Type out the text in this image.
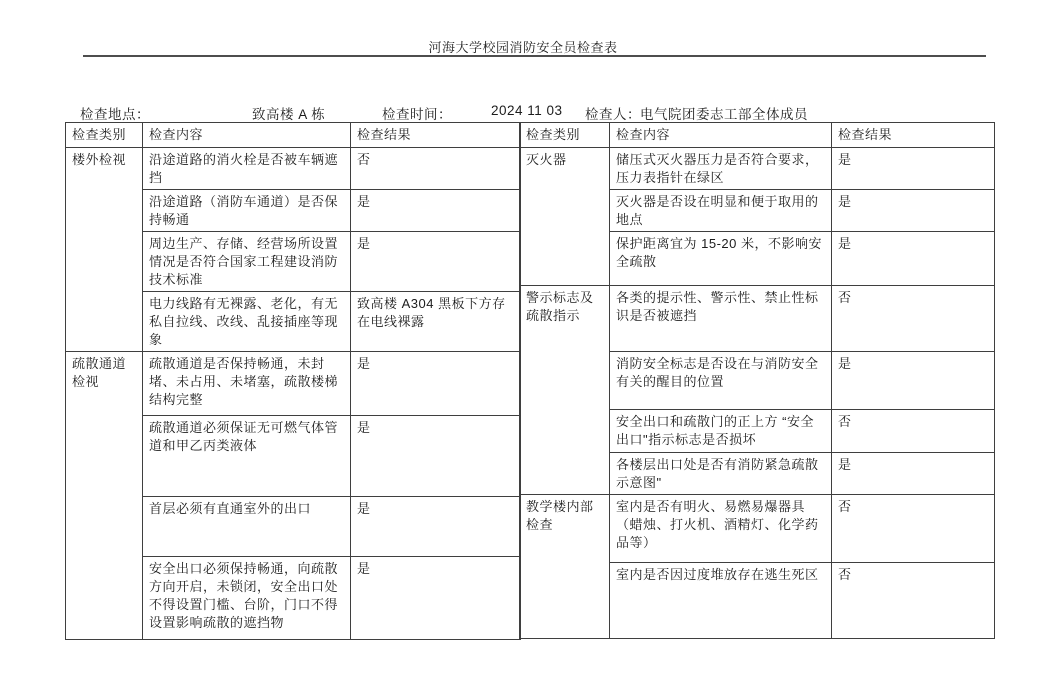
河海大学校园消防安全员检查表
检查地点：	致高楼 A 栋	检查时间：	2024 11 03 检查人： 电气院团委志工部全体成员
检查类别	检查内容	检查结果
楼外检视	沿途道路的消火栓是否被车辆遮挡	否
	沿途道路（消防车通道）是否保持畅通	是
	周边生产、存储、经营场所设置情况是否符合国家工程建设消防技术标准	是
	电力线路有无裸露、老化，有无私自拉线、改线、乱接插座等现象	致高楼 A304 黑板下方存在电线裸露
疏散通道检视	疏散通道是否保持畅通，未封堵、未占用、未堵塞，疏散楼梯结构完整	是
	疏散通道必须保证无可燃气体管道和甲乙丙类液体	是
	首层必须有直通室外的出口	是
	安全出口必须保持畅通，向疏散方向开启，未锁闭，安全出口处不得设置门槛、台阶，门口不得设置影响疏散的遮挡物	是
检查类别	检查内容	检查结果
灭火器	储压式灭火器压力是否符合要求，压力表指针在绿区	是
	灭火器是否设在明显和便于取用的地点	是
	保护距离宜为 15-20 米，不影响安全疏散	是
警示标志及疏散指示	各类的提示性、警示性、禁止性标识是否被遮挡	否
	消防安全标志是否设在与消防安全有关的醒目的位置	是
	安全出口和疏散门的正上方 “安全出口"指示标志是否损坏	否
	各楼层出口处是否有消防紧急疏散示意图"	是
教学楼内部检查	室内是否有明火、易燃易爆器具（蜡烛、打火机、酒精灯、化学药品等）	否
	室内是否因过度堆放存在逃生死区	否
